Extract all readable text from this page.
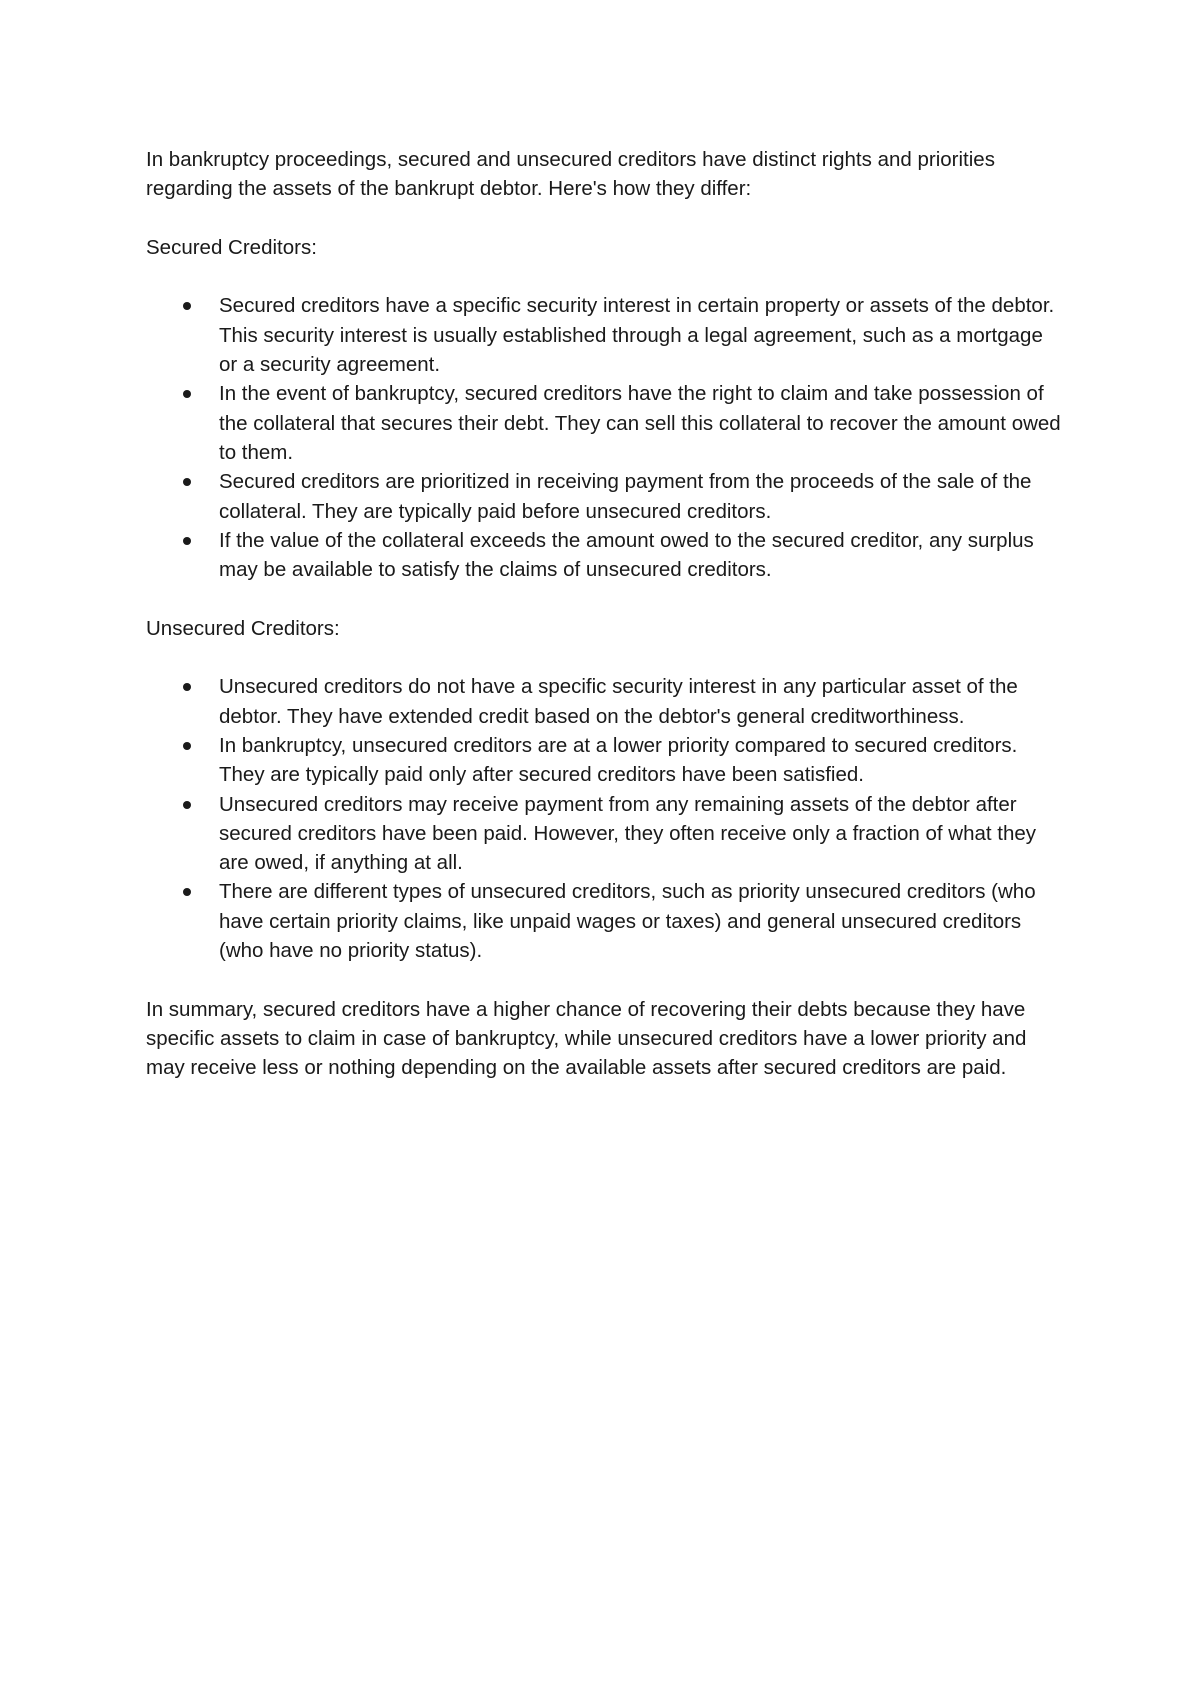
In bankruptcy proceedings, secured and unsecured creditors have distinct rights and priorities regarding the assets of the bankrupt debtor. Here's how they differ:

Secured Creditors:

Secured creditors have a specific security interest in certain property or assets of the debtor. This security interest is usually established through a legal agreement, such as a mortgage or a security agreement.
In the event of bankruptcy, secured creditors have the right to claim and take possession of the collateral that secures their debt. They can sell this collateral to recover the amount owed to them.
Secured creditors are prioritized in receiving payment from the proceeds of the sale of the collateral. They are typically paid before unsecured creditors.
If the value of the collateral exceeds the amount owed to the secured creditor, any surplus may be available to satisfy the claims of unsecured creditors.

Unsecured Creditors:

Unsecured creditors do not have a specific security interest in any particular asset of the debtor. They have extended credit based on the debtor's general creditworthiness.
In bankruptcy, unsecured creditors are at a lower priority compared to secured creditors. They are typically paid only after secured creditors have been satisfied.
Unsecured creditors may receive payment from any remaining assets of the debtor after secured creditors have been paid. However, they often receive only a fraction of what they are owed, if anything at all.
There are different types of unsecured creditors, such as priority unsecured creditors (who have certain priority claims, like unpaid wages or taxes) and general unsecured creditors (who have no priority status).

In summary, secured creditors have a higher chance of recovering their debts because they have specific assets to claim in case of bankruptcy, while unsecured creditors have a lower priority and may receive less or nothing depending on the available assets after secured creditors are paid.
